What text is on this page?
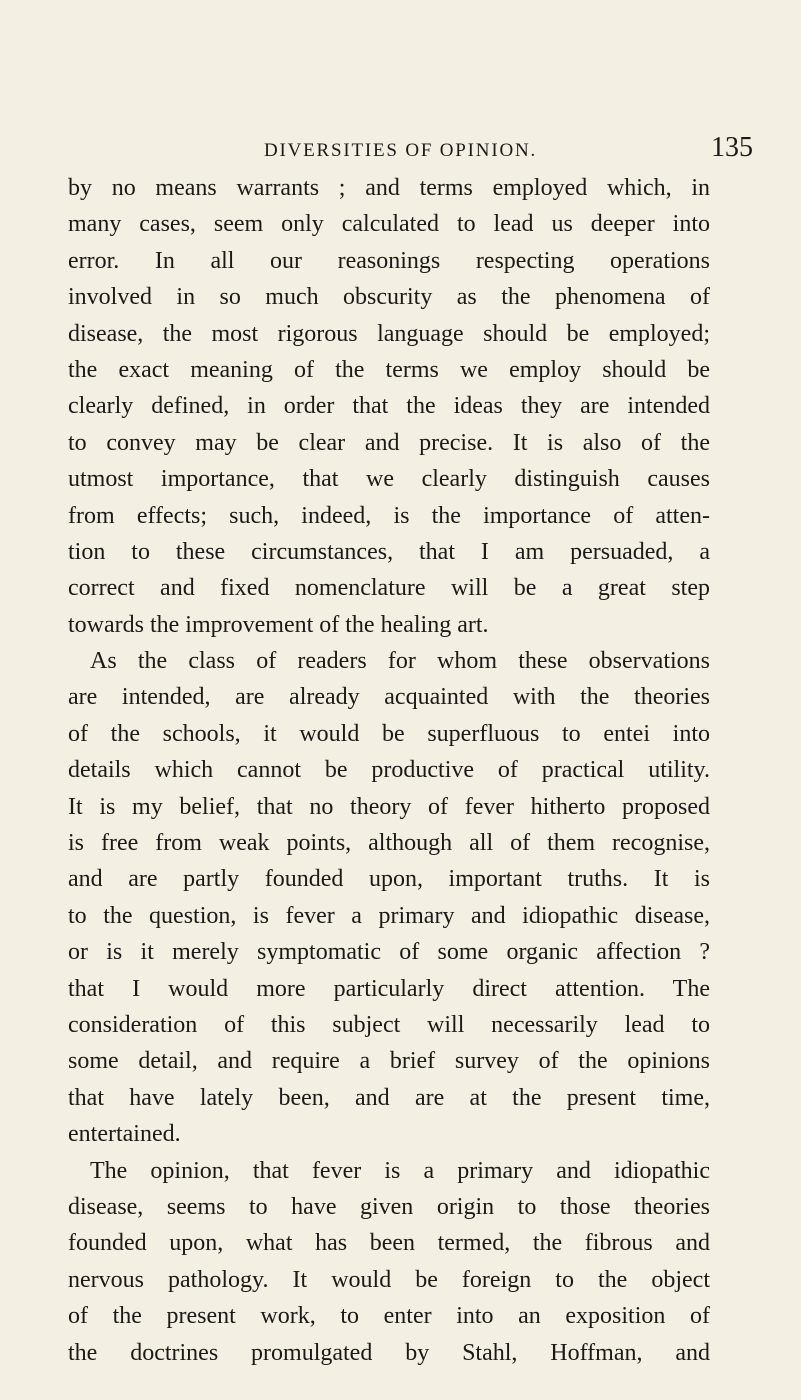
DIVERSITIES OF OPINION.	135
by no means warrants ; and terms employed which, in
many cases, seem only calculated to lead us deeper into
error. In all our reasonings respecting operations
involved in so much obscurity as the phenomena of
disease, the most rigorous language should be employed;
the exact meaning of the terms we employ should be
clearly defined, in order that the ideas they are intended
to convey may be clear and precise. It is also of the
utmost importance, that we clearly distinguish causes
from effects; such, indeed, is the importance of atten-
tion to these circumstances, that I am persuaded, a
correct and fixed nomenclature will be a great step
towards the improvement of the healing art.
As the class of readers for whom these observations
are intended, are already acquainted with the theories
of the schools, it would be superfluous to entei into
details which cannot be productive of practical utility.
It is my belief, that no theory of fever hitherto proposed
is free from weak points, although all of them recognise,
and are partly founded upon, important truths. It is
to the question, is fever a primary and idiopathic disease,
or is it merely symptomatic of some organic affection ?
that I would more particularly direct attention. The
consideration of this subject will necessarily lead to
some detail, and require a brief survey of the opinions
that have lately been, and are at the present time,
entertained.
The opinion, that fever is a primary and idiopathic
disease, seems to have given origin to those theories
founded upon, what has been termed, the fibrous and
nervous pathology. It would be foreign to the object
of the present work, to enter into an exposition of
the doctrines promulgated by Stahl, Hoffman, and
